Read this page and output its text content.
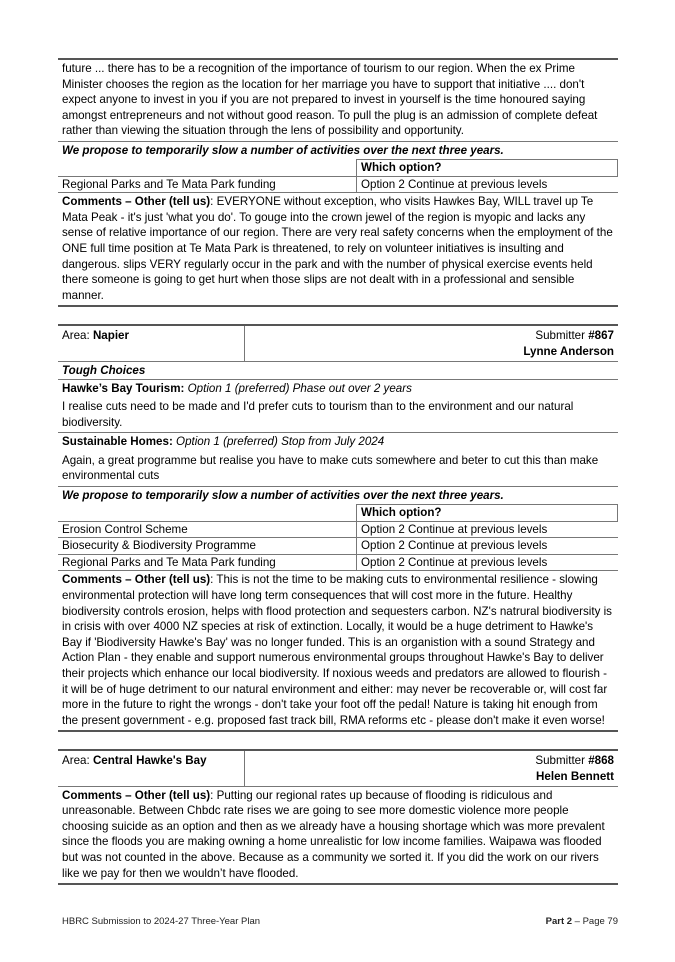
future ... there has to be a recognition of the importance of tourism to our region. When the ex Prime Minister chooses the region as the location for her marriage you have to support that initiative .... don't expect anyone to invest in you if you are not prepared to invest in yourself is the time honoured saying amongst entrepreneurs and not without good reason. To pull the plug is an admission of complete defeat rather than viewing the situation through the lens of possibility and opportunity.
We propose to temporarily slow a number of activities over the next three years.
	Which option?
Regional Parks and Te Mata Park funding	Option 2 Continue at previous levels
Comments – Other (tell us): EVERYONE without exception, who visits Hawkes Bay, WILL travel up Te Mata Peak - it's just 'what you do'. To gouge into the crown jewel of the region is myopic and lacks any sense of relative importance of our region. There are very real safety concerns when the employment of the ONE full time position at Te Mata Park is threatened, to rely on volunteer initiatives is insulting and dangerous. slips VERY regularly occur in the park and with the number of physical exercise events held there someone is going to get hurt when those slips are not dealt with in a professional and sensible manner.
Area: Napier	Submitter #867
Lynne Anderson
Tough Choices
Hawke’s Bay Tourism: Option 1 (preferred) Phase out over 2 years
I realise cuts need to be made and I'd prefer cuts to tourism than to the environment and our natural biodiversity.
Sustainable Homes: Option 1 (preferred) Stop from July 2024
Again, a great programme but realise you have to make cuts somewhere and beter to cut this than make environmental cuts
We propose to temporarily slow a number of activities over the next three years.
	Which option?
Erosion Control Scheme	Option 2 Continue at previous levels
Biosecurity & Biodiversity Programme	Option 2 Continue at previous levels
Regional Parks and Te Mata Park funding	Option 2 Continue at previous levels
Comments – Other (tell us): This is not the time to be making cuts to environmental resilience - slowing environmental protection will have long term consequences that will cost more in the future. Healthy biodiversity controls erosion, helps with flood protection and sequesters carbon. NZ's natrural biodiversity is in crisis with over 4000 NZ species at risk of extinction. Locally, it would be a huge detriment to Hawke's Bay if 'Biodiversity Hawke's Bay' was no longer funded. This is an organistion with a sound Strategy and Action Plan - they enable and support numerous environmental groups throughout Hawke's Bay to deliver their projects which enhance our local biodiversity. If noxious weeds and predators are allowed to flourish - it will be of huge detriment to our natural environment and either: may never be recoverable or, will cost far more in the future to right the wrongs - don't take your foot off the pedal! Nature is taking hit enough from the present government - e.g. proposed fast track bill, RMA reforms etc - please don't make it even worse!
Area: Central Hawke's Bay	Submitter #868
Helen Bennett
Comments – Other (tell us): Putting our regional rates up because of flooding is ridiculous and unreasonable. Between Chbdc rate rises we are going to see more domestic violence more people choosing suicide as an option and then as we already have a housing shortage which was more prevalent since the floods you are making owning a home unrealistic for low income families. Waipawa was flooded but was not counted in the above. Because as a community we sorted it. If you did the work on our rivers like we pay for then we wouldn’t have flooded.
HBRC Submission to 2024-27 Three-Year Plan	Part 2 – Page 79
